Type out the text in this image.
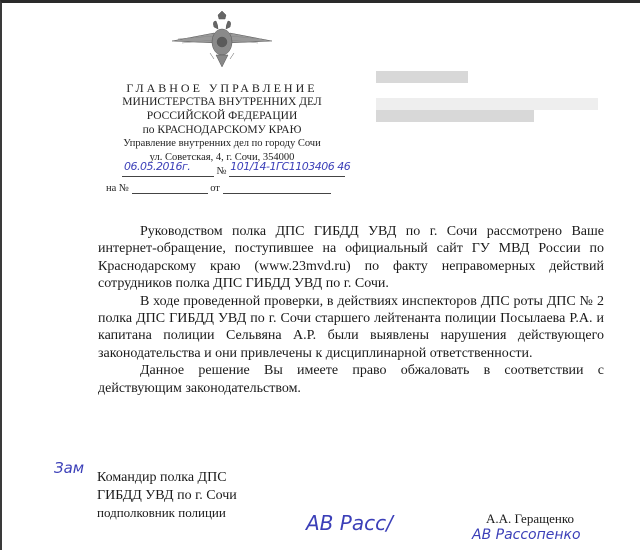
ГЛАВНОЕ УПРАВЛЕНИЕ
МИНИСТЕРСТВА ВНУТРЕННИХ ДЕЛ
РОССИЙСКОЙ ФЕДЕРАЦИИ
по КРАСНОДАРСКОМУ КРАЮ
Управление внутренних дел по городу Сочи
ул. Советская, 4, г. Сочи, 354000
06.05.2016г.	№ 101/14-1ГС1103406 46
на №	от

Руководством полка ДПС ГИБДД УВД по г. Сочи рассмотрено Ваше интернет-обращение, поступившее на официальный сайт ГУ МВД России по Краснодарскому краю (www.23mvd.ru) по факту неправомерных действий сотрудников полка ДПС ГИБДД УВД по г. Сочи.

В ходе проведенной проверки, в действиях инспекторов ДПС роты ДПС № 2 полка ДПС ГИБДД УВД по г. Сочи старшего лейтенанта полиции Посылаева Р.А. и капитана полиции Сельвяна А.Р. были выявлены нарушения действующего законодательства и они привлечены к дисциплинарной ответственности.

Данное решение Вы имеете право обжаловать в соответствии с действующим законодательством.

Зам
Командир полка ДПС
ГИБДД УВД по г. Сочи
подполковник полиции	АВ Расс/	А.А. Геращенко
АВ Рассопенко
